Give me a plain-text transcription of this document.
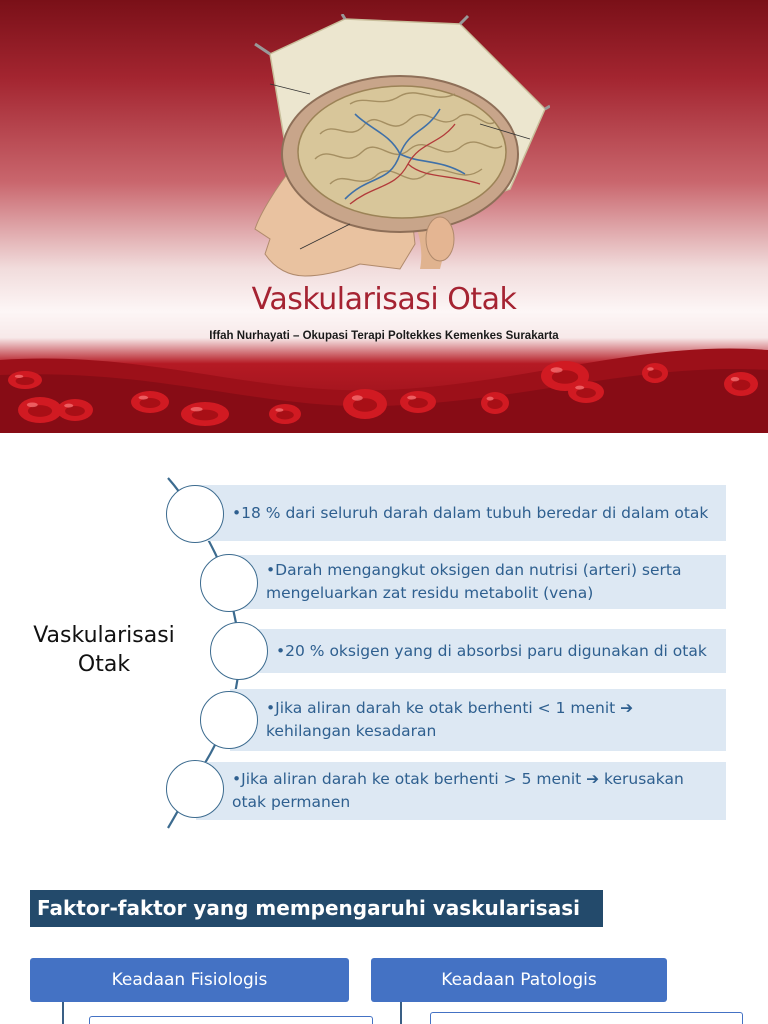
Vaskularisasi Otak
Iffah Nurhayati – Okupasi Terapi Poltekkes Kemenkes Surakarta
Vaskularisasi Otak
•18 % dari seluruh darah dalam tubuh beredar di dalam otak
•Darah mengangkut oksigen dan nutrisi (arteri) serta mengeluarkan zat residu metabolit (vena)
•20 % oksigen yang di absorbsi paru digunakan di otak
•Jika aliran darah ke otak berhenti < 1 menit ➔ kehilangan kesadaran
•Jika aliran darah ke otak berhenti > 5 menit ➔ kerusakan otak permanen
Faktor-faktor yang mempengaruhi vaskularisasi otak
Keadaan Fisiologis	Keadaan Patologis
